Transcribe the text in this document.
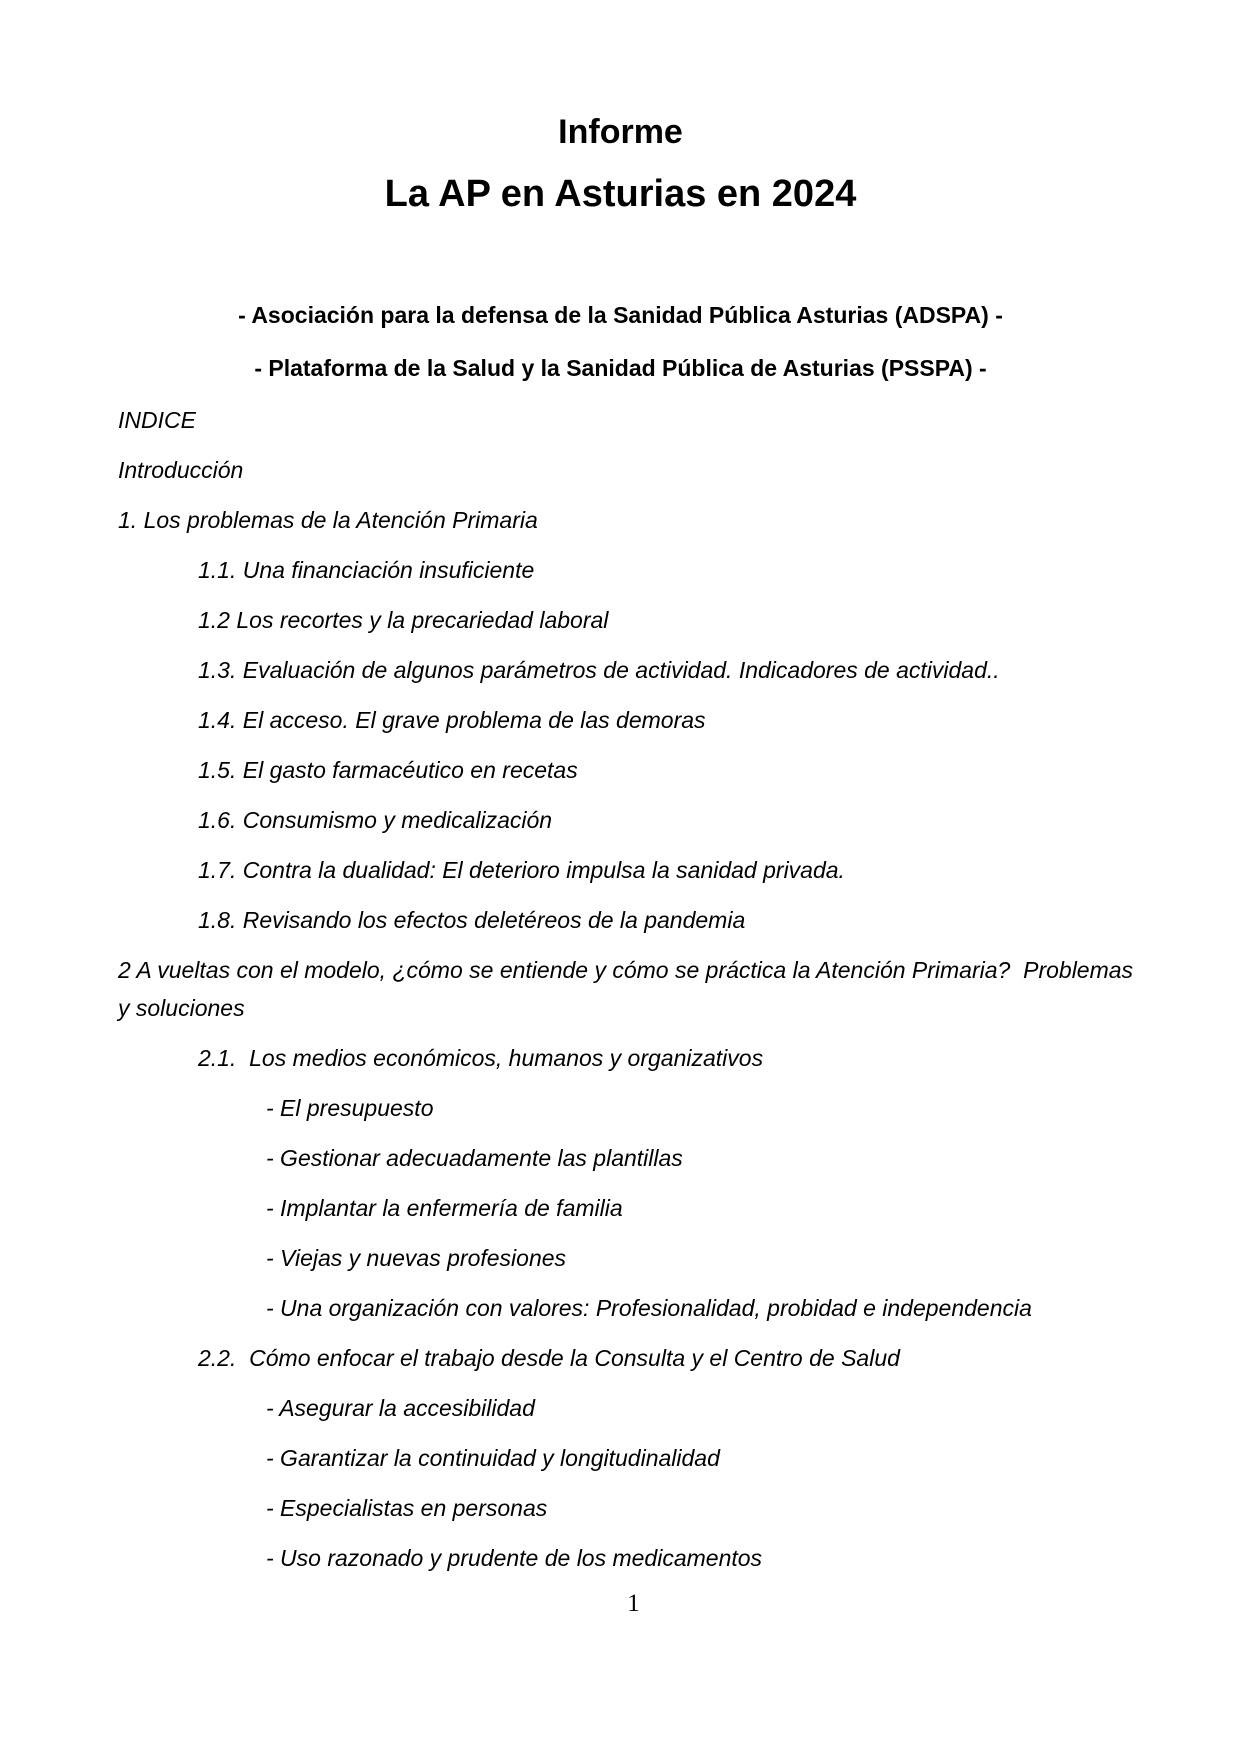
Informe
La AP en Asturias en 2024
- Asociación para la defensa de la Sanidad Pública Asturias (ADSPA) -
- Plataforma de la Salud y la Sanidad Pública de Asturias (PSSPA) -
INDICE
Introducción
1. Los problemas de la Atención Primaria
1.1. Una financiación insuficiente
1.2 Los recortes y la precariedad laboral
1.3. Evaluación de algunos parámetros de actividad. Indicadores de actividad..
1.4. El acceso. El grave problema de las demoras
1.5. El gasto farmacéutico en recetas
1.6. Consumismo y medicalización
1.7. Contra la dualidad: El deterioro impulsa la sanidad privada.
1.8. Revisando los efectos deletéreos de la pandemia
2 A vueltas con el modelo, ¿cómo se entiende y cómo se práctica la Atención Primaria?  Problemas y soluciones
2.1.  Los medios económicos, humanos y organizativos
- El presupuesto
- Gestionar adecuadamente las plantillas
- Implantar la enfermería de familia
- Viejas y nuevas profesiones
- Una organización con valores: Profesionalidad, probidad e independencia
2.2.  Cómo enfocar el trabajo desde la Consulta y el Centro de Salud
- Asegurar la accesibilidad
- Garantizar la continuidad y longitudinalidad
- Especialistas en personas
- Uso razonado y prudente de los medicamentos
1
